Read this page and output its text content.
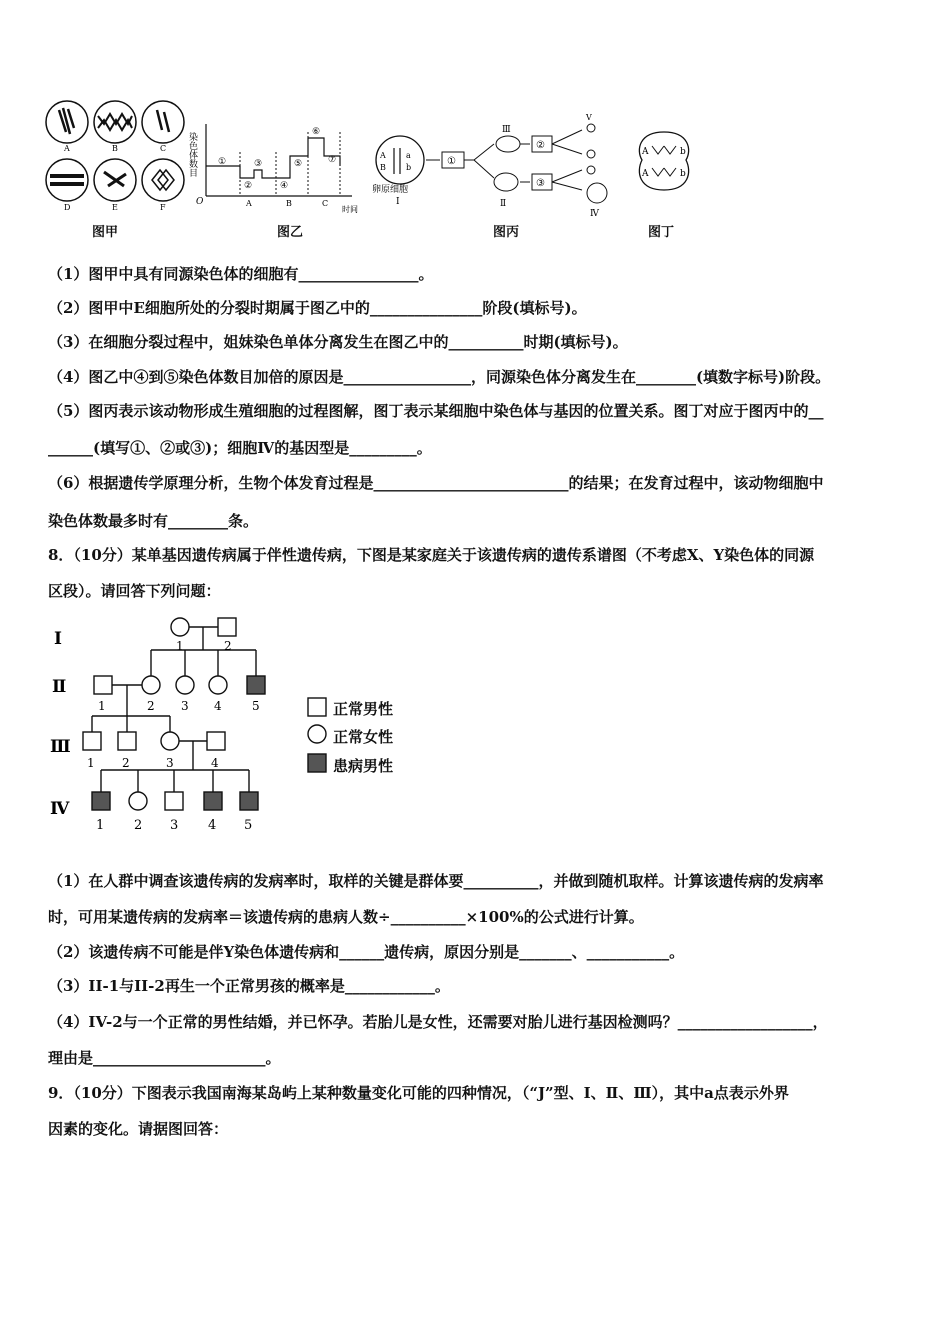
A	B	C
D	E	F
图甲
染色体数目
O
①
②
③
④
⑤
⑥
⑦
A	B	C
时间
图乙
A	a
B	b
卵原细胞
Ⅰ
①
Ⅲ
Ⅱ
②
③
Ⅴ
Ⅳ
图丙
A	b
A	b
图丁
（1）图甲中具有同源染色体的细胞有________________。
（2）图甲中E细胞所处的分裂时期属于图乙中的_______________阶段(填标号)。
（3）在细胞分裂过程中，姐妹染色单体分离发生在图乙中的__________时期(填标号)。
（4）图乙中④到⑤染色体数目加倍的原因是_________________，同源染色体分离发生在________(填数字标号)阶段。
（5）图丙表示该动物形成生殖细胞的过程图解，图丁表示某细胞中染色体与基因的位置关系。图丁对应于图丙中的__
______(填写①、②或③)；细胞Ⅳ的基因型是_________。
（6）根据遗传学原理分析，生物个体发育过程是__________________________的结果；在发育过程中，该动物细胞中
染色体数最多时有________条。
8．（10分）某单基因遗传病属于伴性遗传病，下图是某家庭关于该遗传病的遗传系谱图（不考虑X、Y染色体的同源
区段）。请回答下列问题：
Ⅰ
Ⅱ
Ⅲ
Ⅳ
1	2
1	2 3 4	5
1 2	3	4
1 2 3 4 5
正常男性
正常女性
患病男性
（1）在人群中调查该遗传病的发病率时，取样的关键是群体要__________，并做到随机取样。计算该遗传病的发病率
时，可用某遗传病的发病率＝该遗传病的患病人数÷__________×100%的公式进行计算。
（2）该遗传病不可能是伴Y染色体遗传病和______遗传病，原因分别是_______、___________。
（3）II-1与II-2再生一个正常男孩的概率是____________。
（4）IV-2与一个正常的男性结婚，并已怀孕。若胎儿是女性，还需要对胎儿进行基因检测吗？__________________，
理由是_______________________。
9．（10分）下图表示我国南海某岛屿上某种数量变化可能的四种情况，（“J”型、Ⅰ、Ⅱ、Ⅲ），其中a点表示外界
因素的变化。请据图回答：
